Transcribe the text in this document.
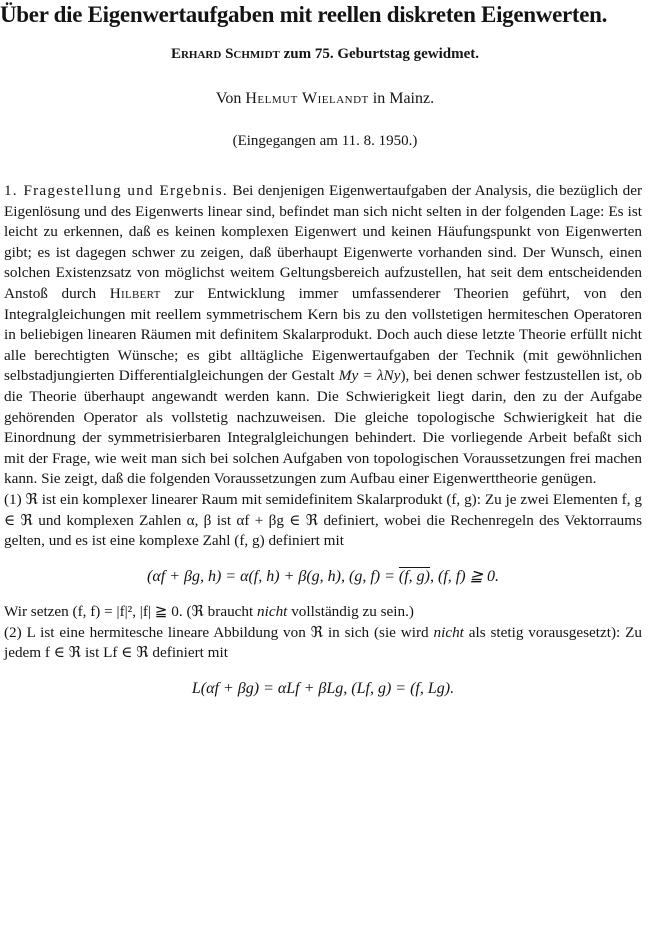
Über die Eigenwertaufgaben mit reellen diskreten Eigenwerten.
Erhard Schmidt zum 75. Geburtstag gewidmet.
Von Helmut Wielandt in Mainz.
(Eingegangen am 11. 8. 1950.)

1. Fragestellung und Ergebnis. Bei denjenigen Eigenwertaufgaben der Analysis, die bezüglich der Eigenlösung und des Eigenwerts linear sind, befindet man sich nicht selten in der folgenden Lage: Es ist leicht zu erkennen, daß es keinen komplexen Eigenwert und keinen Häufungspunkt von Eigenwerten gibt; es ist dagegen schwer zu zeigen, daß überhaupt Eigenwerte vorhanden sind. Der Wunsch, einen solchen Existenzsatz von möglichst weitem Geltungsbereich aufzustellen, hat seit dem entscheidenden Anstoß durch Hilbert zur Entwicklung immer umfassenderer Theorien geführt, von den Integralgleichungen mit reellem symmetrischem Kern bis zu den vollstetigen hermiteschen Operatoren in beliebigen linearen Räumen mit definitem Skalarprodukt. Doch auch diese letzte Theorie erfüllt nicht alle berechtigten Wünsche; es gibt alltägliche Eigenwertaufgaben der Technik (mit gewöhnlichen selbstadjungierten Differentialgleichungen der Gestalt My = λNy), bei denen schwer festzustellen ist, ob die Theorie überhaupt angewandt werden kann. Die Schwierigkeit liegt darin, den zu der Aufgabe gehörenden Operator als vollstetig nachzuweisen. Die gleiche topologische Schwierigkeit hat die Einordnung der symmetrisierbaren Integralgleichungen behindert. Die vorliegende Arbeit befaßt sich mit der Frage, wie weit man sich bei solchen Aufgaben von topologischen Voraussetzungen frei machen kann. Sie zeigt, daß die folgenden Voraussetzungen zum Aufbau einer Eigenwerttheorie genügen.

(1) ℜ ist ein komplexer linearer Raum mit semidefinitem Skalarprodukt (f, g): Zu je zwei Elementen f, g ∈ ℜ und komplexen Zahlen α, β ist αf + βg ∈ ℜ definiert, wobei die Rechenregeln des Vektorraums gelten, und es ist eine komplexe Zahl (f, g) definiert mit

(αf + βg, h) = α(f, h) + β(g, h), (g, f) = (f, g), (f, f) ≧ 0.

Wir setzen (f, f) = |f|², |f| ≧ 0. (ℜ braucht nicht vollständig zu sein.)

(2) L ist eine hermitesche lineare Abbildung von ℜ in sich (sie wird nicht als stetig vorausgesetzt): Zu jedem f ∈ ℜ ist Lf ∈ ℜ definiert mit

L(αf + βg) = αLf + βLg, (Lf, g) = (f, Lg).
